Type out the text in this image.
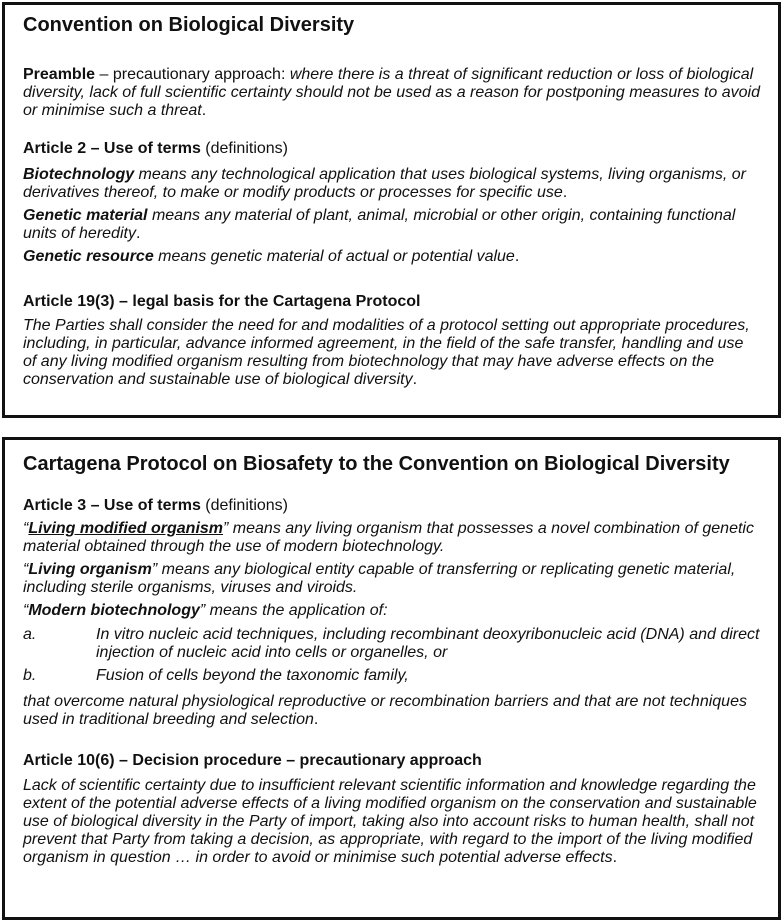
Convention on Biological Diversity

Preamble – precautionary approach: where there is a threat of significant reduction or loss of biological diversity, lack of full scientific certainty should not be used as a reason for postponing measures to avoid or minimise such a threat.

Article 2 – Use of terms (definitions)

Biotechnology means any technological application that uses biological systems, living organisms, or derivatives thereof, to make or modify products or processes for specific use.

Genetic material means any material of plant, animal, microbial or other origin, containing functional units of heredity.

Genetic resource means genetic material of actual or potential value.

Article 19(3) – legal basis for the Cartagena Protocol

The Parties shall consider the need for and modalities of a protocol setting out appropriate procedures, including, in particular, advance informed agreement, in the field of the safe transfer, handling and use of any living modified organism resulting from biotechnology that may have adverse effects on the conservation and sustainable use of biological diversity.

Cartagena Protocol on Biosafety to the Convention on Biological Diversity

Article 3 – Use of terms (definitions)

“Living modified organism” means any living organism that possesses a novel combination of genetic material obtained through the use of modern biotechnology.

“Living organism” means any biological entity capable of transferring or replicating genetic material, including sterile organisms, viruses and viroids.

“Modern biotechnology” means the application of:

a.	In vitro nucleic acid techniques, including recombinant deoxyribonucleic acid (DNA) and direct injection of nucleic acid into cells or organelles, or
b.	Fusion of cells beyond the taxonomic family,

that overcome natural physiological reproductive or recombination barriers and that are not techniques used in traditional breeding and selection.

Article 10(6) – Decision procedure – precautionary approach

Lack of scientific certainty due to insufficient relevant scientific information and knowledge regarding the extent of the potential adverse effects of a living modified organism on the conservation and sustainable use of biological diversity in the Party of import, taking also into account risks to human health, shall not prevent that Party from taking a decision, as appropriate, with regard to the import of the living modified organism in question … in order to avoid or minimise such potential adverse effects.
